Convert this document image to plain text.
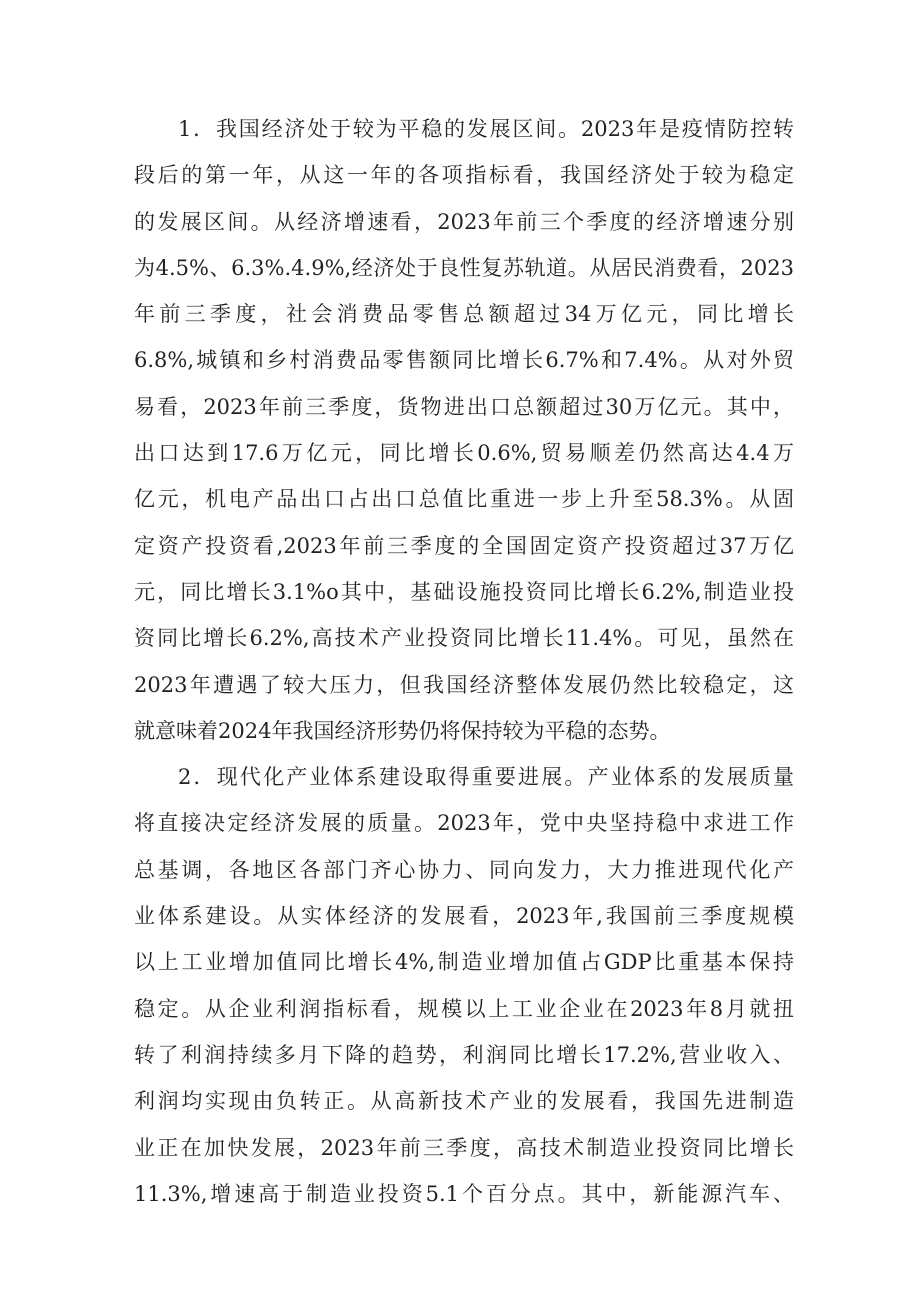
1．我国经济处于较为平稳的发展区间。2023年是疫情防控转
段后的第一年，从这一年的各项指标看，我国经济处于较为稳定
的发展区间。从经济增速看，2023年前三个季度的经济增速分别
为4.5%、6.3%.4.9%,经济处于良性复苏轨道。从居民消费看，2023
年前三季度，社会消费品零售总额超过34万亿元，同比增长
6.8%,城镇和乡村消费品零售额同比增长6.7%和7.4%。从对外贸
易看，2023年前三季度，货物进出口总额超过30万亿元。其中，
出口达到17.6万亿元，同比增长0.6%,贸易顺差仍然高达4.4万
亿元，机电产品出口占出口总值比重进一步上升至58.3%。从固
定资产投资看,2023年前三季度的全国固定资产投资超过37万亿
元，同比增长3.1%o其中，基础设施投资同比增长6.2%,制造业投
资同比增长6.2%,高技术产业投资同比增长11.4%。可见，虽然在
2023年遭遇了较大压力，但我国经济整体发展仍然比较稳定，这
就意味着2024年我国经济形势仍将保持较为平稳的态势。
2．现代化产业体系建设取得重要进展。产业体系的发展质量
将直接决定经济发展的质量。2023年，党中央坚持稳中求进工作
总基调，各地区各部门齐心协力、同向发力，大力推进现代化产
业体系建设。从实体经济的发展看，2023年,我国前三季度规模
以上工业增加值同比增长4%,制造业增加值占GDP比重基本保持
稳定。从企业利润指标看，规模以上工业企业在2023年8月就扭
转了利润持续多月下降的趋势，利润同比增长17.2%,营业收入、
利润均实现由负转正。从高新技术产业的发展看，我国先进制造
业正在加快发展，2023年前三季度，高技术制造业投资同比增长
11.3%,增速高于制造业投资5.1个百分点。其中，新能源汽车、
